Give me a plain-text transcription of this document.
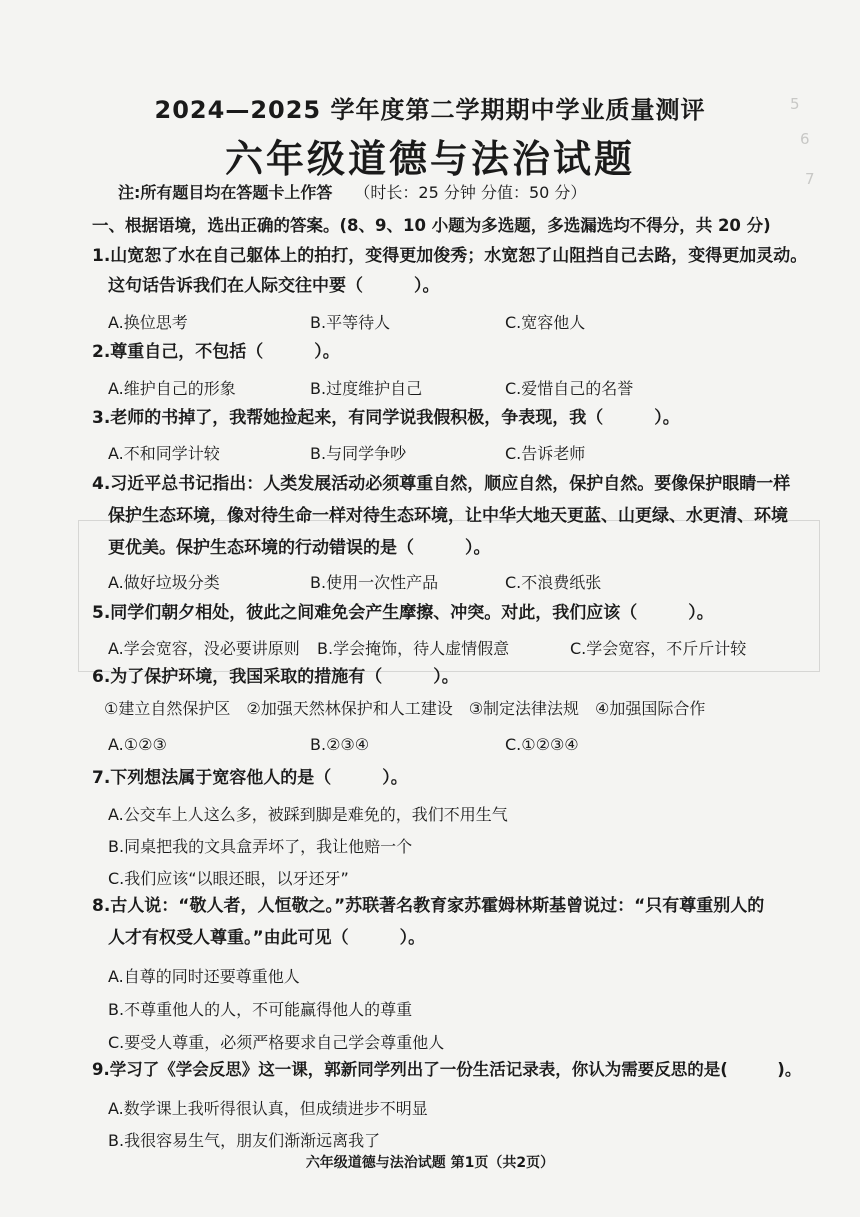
5
6
7
2024—2025 学年度第二学期期中学业质量测评
六年级道德与法治试题
注:所有题目均在答题卡上作答 （时长：25 分钟 分值：50 分）
一、根据语境，选出正确的答案。(8、9、10 小题为多选题，多选漏选均不得分，共 20 分)
1.山宽恕了水在自己躯体上的拍打，变得更加俊秀；水宽恕了山阻挡自己去路，变得更加灵动。
这句话告诉我们在人际交往中要（　　　）。
A.换位思考	B.平等待人	C.宽容他人
2.尊重自己，不包括（　　　）。
A.维护自己的形象	B.过度维护自己	C.爱惜自己的名誉
3.老师的书掉了，我帮她捡起来，有同学说我假积极，争表现，我（　　　）。
A.不和同学计较	B.与同学争吵	C.告诉老师
4.习近平总书记指出：人类发展活动必须尊重自然，顺应自然，保护自然。要像保护眼睛一样
保护生态环境，像对待生命一样对待生态环境，让中华大地天更蓝、山更绿、水更清、环境
更优美。保护生态环境的行动错误的是（　　　）。
A.做好垃圾分类	B.使用一次性产品	C.不浪费纸张
5.同学们朝夕相处，彼此之间难免会产生摩擦、冲突。对此，我们应该（　　　）。
A.学会宽容，没必要讲原则 B.学会掩饰，待人虚情假意	C.学会宽容，不斤斤计较
6.为了保护环境，我国采取的措施有（　　　）。
①建立自然保护区　②加强天然林保护和人工建设　③制定法律法规　④加强国际合作
A.①②③	B.②③④	C.①②③④
7.下列想法属于宽容他人的是（　　　）。
A.公交车上人这么多，被踩到脚是难免的，我们不用生气
B.同桌把我的文具盒弄坏了，我让他赔一个
C.我们应该“以眼还眼，以牙还牙”
8.古人说：“敬人者，人恒敬之。”苏联著名教育家苏霍姆林斯基曾说过：“只有尊重别人的
人才有权受人尊重。”由此可见（　　　）。
A.自尊的同时还要尊重他人
B.不尊重他人的人，不可能赢得他人的尊重
C.要受人尊重，必须严格要求自己学会尊重他人
9.学习了《学会反思》这一课，郭新同学列出了一份生活记录表，你认为需要反思的是(　　　)。
A.数学课上我听得很认真，但成绩进步不明显
B.我很容易生气，朋友们渐渐远离我了
六年级道德与法治试题 第1页（共2页）
